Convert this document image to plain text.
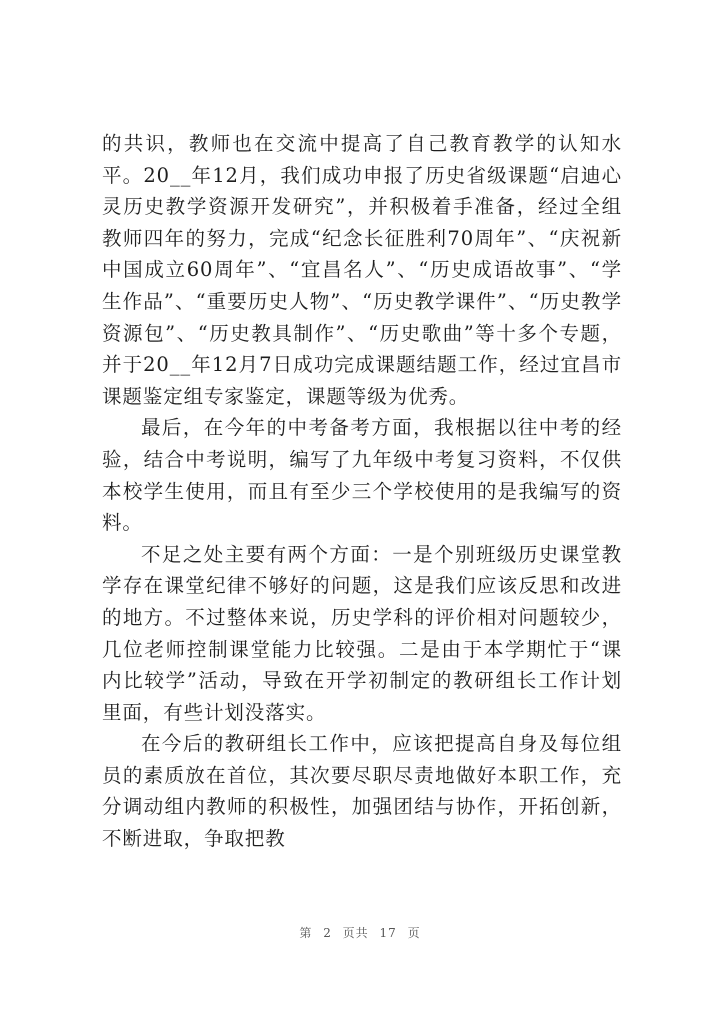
的共识，教师也在交流中提高了自己教育教学的认知水平。20__年12月，我们成功申报了历史省级课题“启迪心灵历史教学资源开发研究”，并积极着手准备，经过全组教师四年的努力，完成“纪念长征胜利70周年”、“庆祝新中国成立60周年”、“宜昌名人”、“历史成语故事”、“学生作品”、“重要历史人物”、“历史教学课件”、“历史教学资源包”、“历史教具制作”、“历史歌曲”等十多个专题，并于20__年12月7日成功完成课题结题工作，经过宜昌市课题鉴定组专家鉴定，课题等级为优秀。

最后，在今年的中考备考方面，我根据以往中考的经验，结合中考说明，编写了九年级中考复习资料，不仅供本校学生使用，而且有至少三个学校使用的是我编写的资料。

不足之处主要有两个方面：一是个别班级历史课堂教学存在课堂纪律不够好的问题，这是我们应该反思和改进的地方。不过整体来说，历史学科的评价相对问题较少，几位老师控制课堂能力比较强。二是由于本学期忙于“课内比较学”活动，导致在开学初制定的教研组长工作计划里面，有些计划没落实。

在今后的教研组长工作中，应该把提高自身及每位组员的素质放在首位，其次要尽职尽责地做好本职工作，充分调动组内教师的积极性，加强团结与协作，开拓创新，不断进取，争取把教

第 2 页共 17 页
